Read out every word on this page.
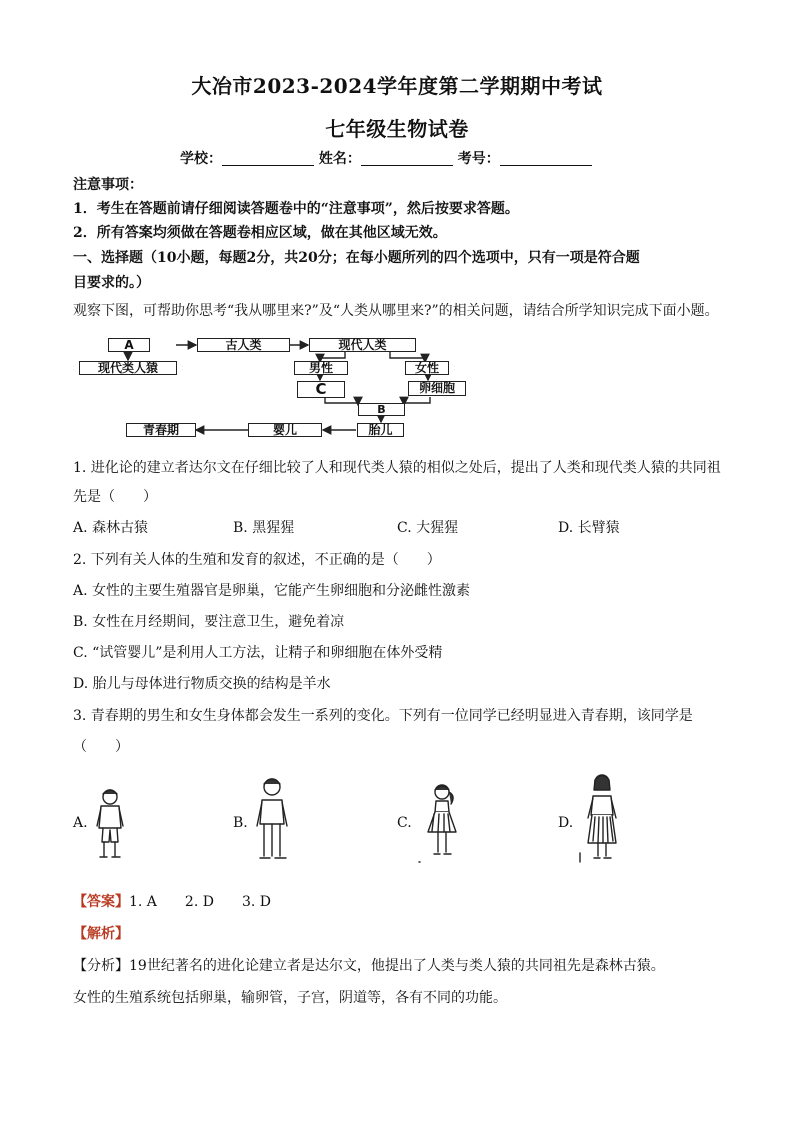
大冶市2023-2024学年度第二学期期中考试
七年级生物试卷
学校：	姓名：	考号：
注意事项：
1．考生在答题前请仔细阅读答题卷中的“注意事项”，然后按要求答题。
2．所有答案均须做在答题卷相应区域，做在其他区域无效。
一、选择题（10小题，每题2分，共20分；在每小题所列的四个选项中，只有一项是符合题
目要求的。）
观察下图，可帮助你思考“我从哪里来?”及“人类从哪里来?”的相关问题，请结合所学知识完成下面小题。
A
现代类人猿
古人类	现代人类
男性	女性
C	卵细胞
B
胎儿
婴儿
青春期
1. 进化论的建立者达尔文在仔细比较了人和现代类人猿的相似之处后，提出了人类和现代类人猿的共同祖
先是（　　）
A. 森林古猿	B. 黑猩猩	C. 大猩猩	D. 长臂猿
2. 下列有关人体的生殖和发育的叙述，不正确的是（　　）
A. 女性的主要生殖器官是卵巢，它能产生卵细胞和分泌雌性激素
B. 女性在月经期间，要注意卫生，避免着凉
C. “试管婴儿”是利用人工方法，让精子和卵细胞在体外受精
D. 胎儿与母体进行物质交换的结构是羊水
3. 青春期的男生和女生身体都会发生一系列的变化。下列有一位同学已经明显进入青春期，该同学是
（　　）
A.	B.	C.	D.
【答案】1. A　　2. D　　3. D
【解析】
【分析】19世纪著名的进化论建立者是达尔文，他提出了人类与类人猿的共同祖先是森林古猿。
女性的生殖系统包括卵巢，输卵管，子宫，阴道等，各有不同的功能。
